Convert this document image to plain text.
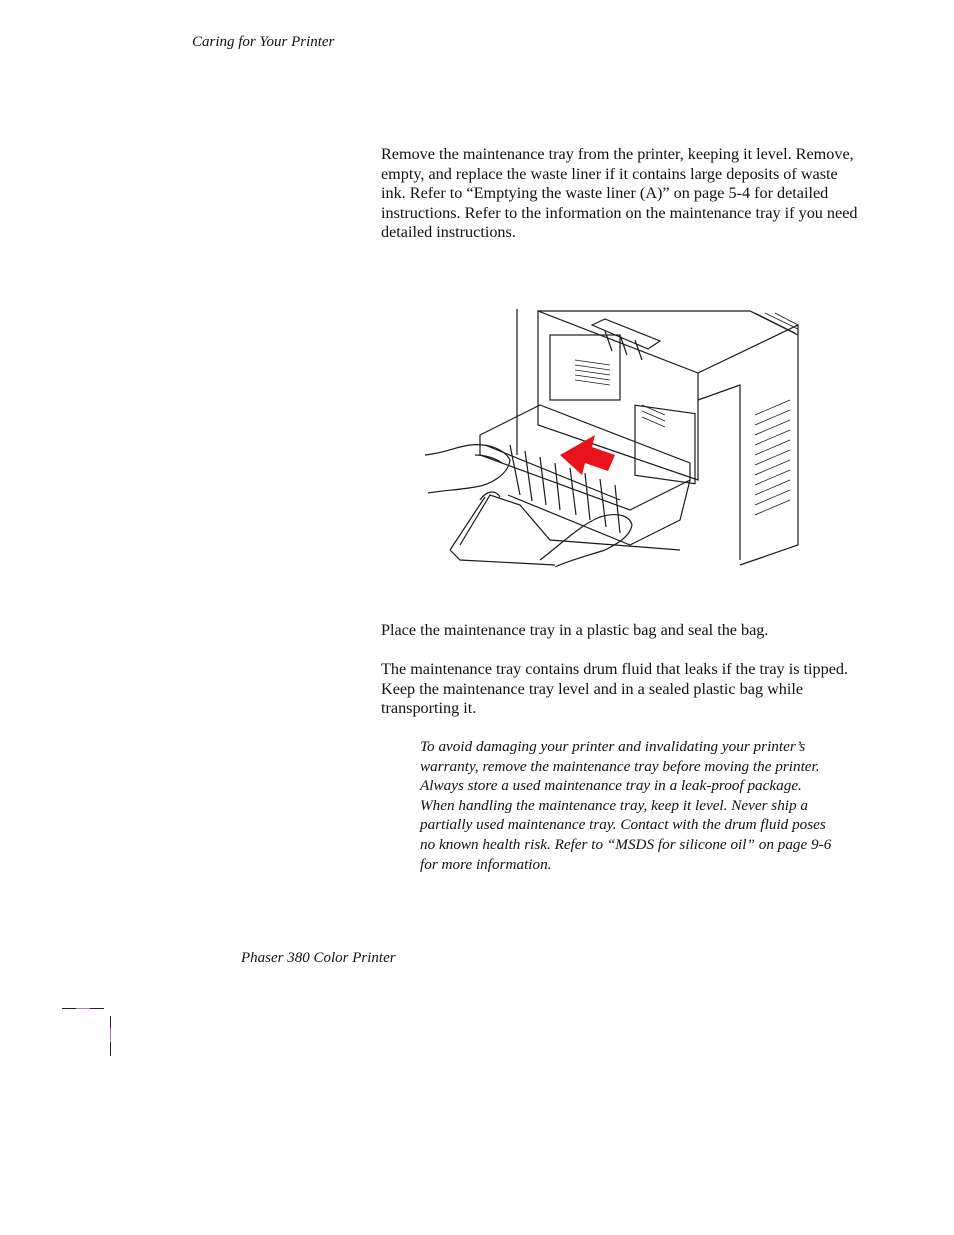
Caring for Your Printer

Remove the maintenance tray from the printer, keeping it level. Remove, empty, and replace the waste liner if it contains large deposits of waste ink. Refer to “Emptying the waste liner (A)” on page 5-4 for detailed instructions. Refer to the information on the maintenance tray if you need detailed instructions.

Place the maintenance tray in a plastic bag and seal the bag.

The maintenance tray contains drum fluid that leaks if the tray is tipped. Keep the maintenance tray level and in a sealed plastic bag while transporting it.

To avoid damaging your printer and invalidating your printer’s warranty, remove the maintenance tray before moving the printer. Always store a used maintenance tray in a leak-proof package. When handling the maintenance tray, keep it level. Never ship a partially used maintenance tray. Contact with the drum fluid poses no known health risk. Refer to “MSDS for silicone oil” on page 9-6 for more information.

Phaser 380 Color Printer
